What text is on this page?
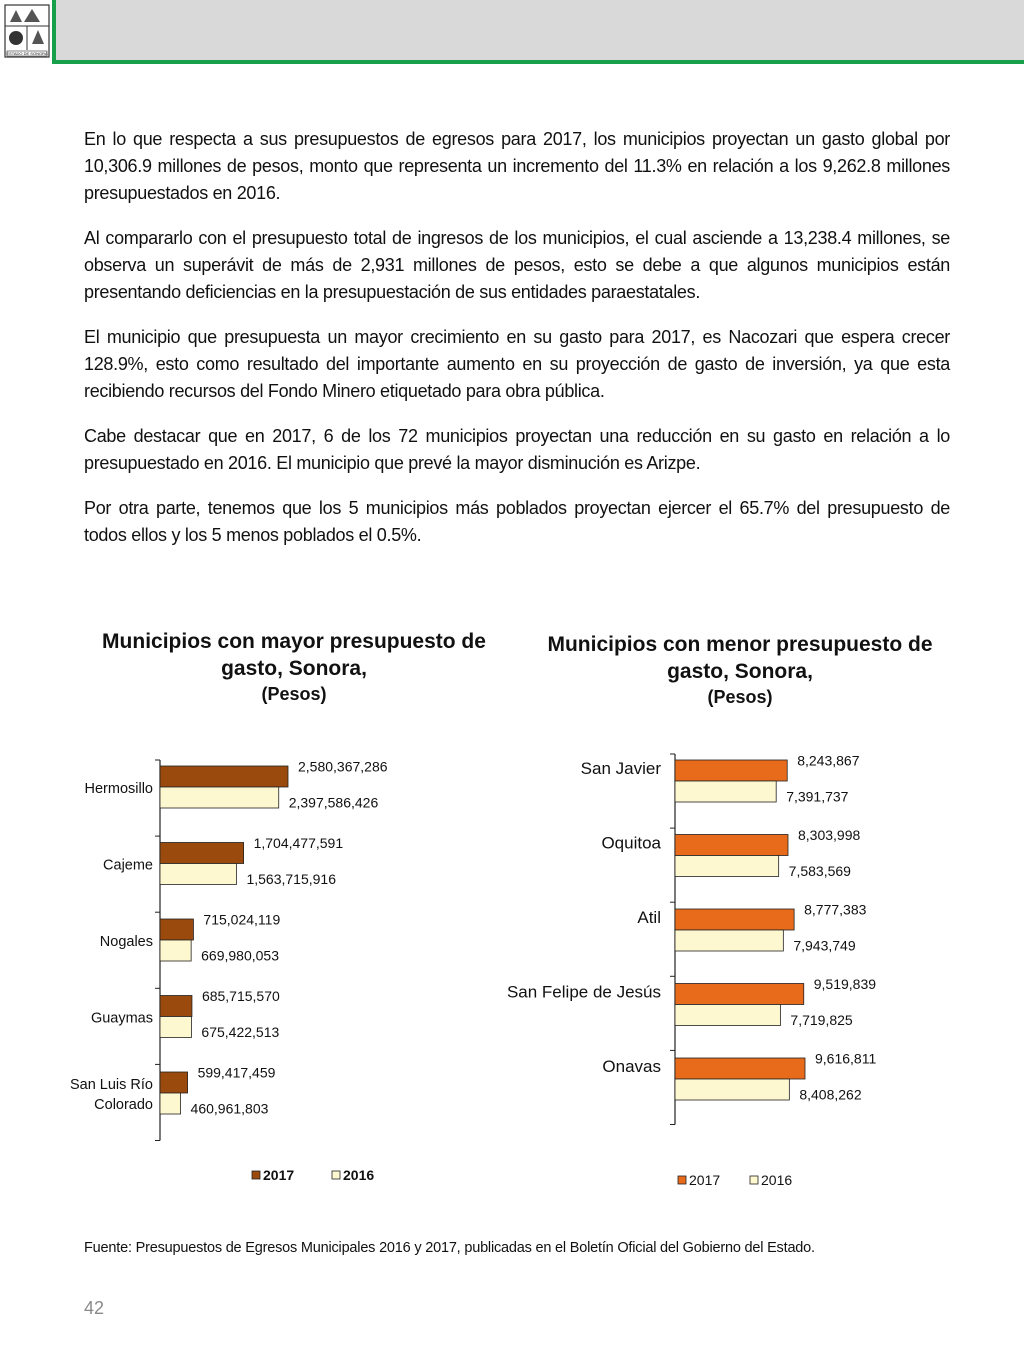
ESTADO DE SONORA

En lo que respecta a sus presupuestos de egresos para 2017, los municipios proyectan un gasto global por 10,306.9 millones de pesos, monto que representa un incremento del 11.3% en relación a los 9,262.8 millones presupuestados en 2016.

Al compararlo con el presupuesto total de ingresos de los municipios, el cual asciende a 13,238.4 millones, se observa un superávit de más de 2,931 millones de pesos, esto se debe a que algunos municipios están presentando deficiencias en la presupuestación de sus entidades paraestatales.

El municipio que presupuesta un mayor crecimiento en su gasto para 2017, es Nacozari que espera crecer 128.9%, esto como resultado del importante aumento en su proyección de gasto de inversión, ya que esta recibiendo recursos del Fondo Minero etiquetado para obra pública.

Cabe destacar que en 2017, 6 de los 72 municipios proyectan una reducción en su gasto en relación a lo presupuestado en 2016. El municipio que prevé la mayor disminución es Arizpe.

Por otra parte, tenemos que los 5 municipios más poblados proyectan ejercer el 65.7% del presupuesto de todos ellos y los 5 menos poblados el 0.5%.

Municipios con mayor presupuesto de gasto, Sonora,
(Pesos)
Municipios con menor presupuesto de gasto, Sonora,
(Pesos)
2,580,367,286
2,397,586,426
Hermosillo
1,704,477,591
1,563,715,916
Cajeme
715,024,119
669,980,053
Nogales
685,715,570
675,422,513
Guaymas
599,417,459
460,961,803
San Luis Río
Colorado
2017	2016
8,243,867
7,391,737
San Javier
8,303,998
7,583,569
Oquitoa
8,777,383
7,943,749
Atil
9,519,839
7,719,825
San Felipe de Jesús
9,616,811
8,408,262
Onavas
2017	2016
Fuente: Presupuestos de Egresos Municipales 2016 y 2017, publicadas en el Boletín Oficial del Gobierno del Estado.
42
